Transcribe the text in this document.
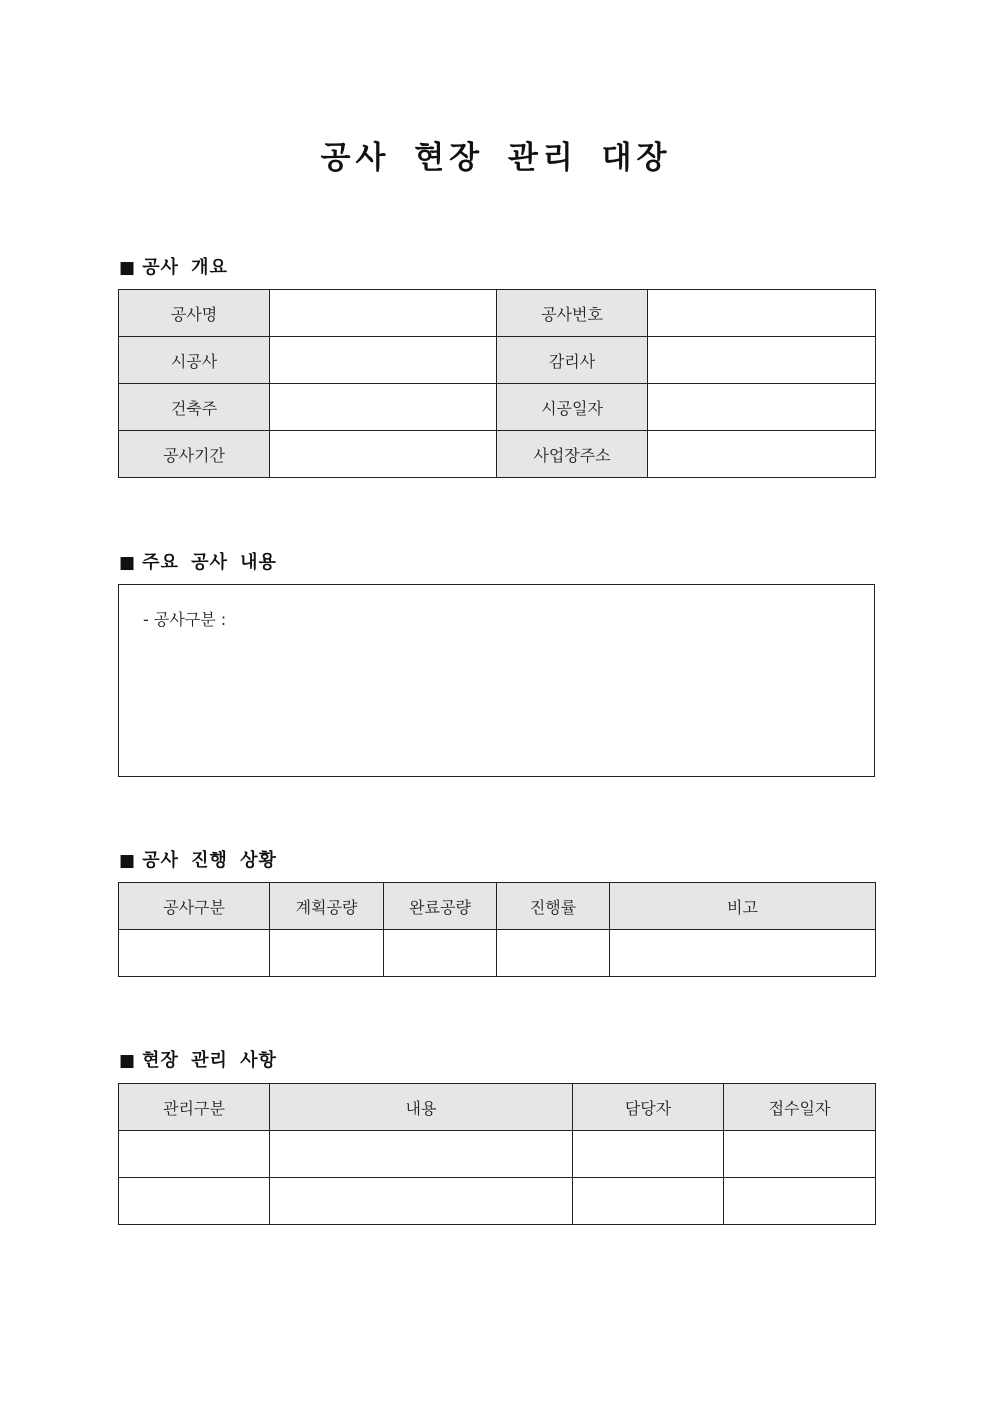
공사 현장 관리 대장
■ 공사 개요
공사명		공사번호	
시공사		감리사	
건축주		시공일자	
공사기간		사업장주소	
■ 주요 공사 내용
- 공사구분 :
■ 공사 진행 상황
공사구분	계획공량	완료공량	진행률	비고

■ 현장 관리 사항
관리구분	내용	담당자	접수일자
